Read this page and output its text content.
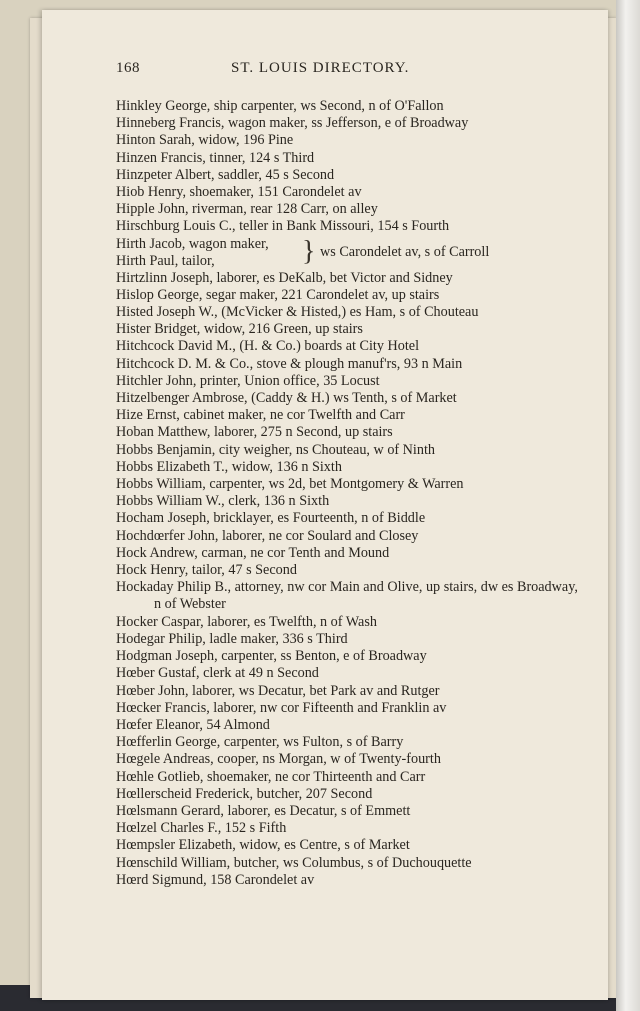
168	ST. LOUIS DIRECTORY.
Hinkley George, ship carpenter, ws Second, n of O'Fallon
Hinneberg Francis, wagon maker, ss Jefferson, e of Broadway
Hinton Sarah, widow, 196 Pine
Hinzen Francis, tinner, 124 s Third
Hinzpeter Albert, saddler, 45 s Second
Hiob Henry, shoemaker, 151 Carondelet av
Hipple John, riverman, rear 128 Carr, on alley
Hirschburg Louis C., teller in Bank Missouri, 154 s Fourth
Hirth Jacob, wagon maker,
Hirth Paul, tailor,	} ws Carondelet av, s of Carroll
Hirtzlinn Joseph, laborer, es DeKalb, bet Victor and Sidney
Hislop George, segar maker, 221 Carondelet av, up stairs
Histed Joseph W., (McVicker & Histed,) es Ham, s of Chouteau
Hister Bridget, widow, 216 Green, up stairs
Hitchcock David M., (H. & Co.) boards at City Hotel
Hitchcock D. M. & Co., stove & plough manuf'rs, 93 n Main
Hitchler John, printer, Union office, 35 Locust
Hitzelbenger Ambrose, (Caddy & H.) ws Tenth, s of Market
Hize Ernst, cabinet maker, ne cor Twelfth and Carr
Hoban Matthew, laborer, 275 n Second, up stairs
Hobbs Benjamin, city weigher, ns Chouteau, w of Ninth
Hobbs Elizabeth T., widow, 136 n Sixth
Hobbs William, carpenter, ws 2d, bet Montgomery & Warren
Hobbs William W., clerk, 136 n Sixth
Hocham Joseph, bricklayer, es Fourteenth, n of Biddle
Hochdœrfer John, laborer, ne cor Soulard and Closey
Hock Andrew, carman, ne cor Tenth and Mound
Hock Henry, tailor, 47 s Second
Hockaday Philip B., attorney, nw cor Main and Olive, up stairs, dw es Broadway, n of Webster
Hocker Caspar, laborer, es Twelfth, n of Wash
Hodegar Philip, ladle maker, 336 s Third
Hodgman Joseph, carpenter, ss Benton, e of Broadway
Hœber Gustaf, clerk at 49 n Second
Hœber John, laborer, ws Decatur, bet Park av and Rutger
Hœcker Francis, laborer, nw cor Fifteenth and Franklin av
Hœfer Eleanor, 54 Almond
Hœfferlin George, carpenter, ws Fulton, s of Barry
Hœgele Andreas, cooper, ns Morgan, w of Twenty-fourth
Hœhle Gotlieb, shoemaker, ne cor Thirteenth and Carr
Hœllerscheid Frederick, butcher, 207 Second
Hœlsmann Gerard, laborer, es Decatur, s of Emmett
Hœlzel Charles F., 152 s Fifth
Hœmpsler Elizabeth, widow, es Centre, s of Market
Hœnschild William, butcher, ws Columbus, s of Duchouquette
Hœrd Sigmund, 158 Carondelet av
